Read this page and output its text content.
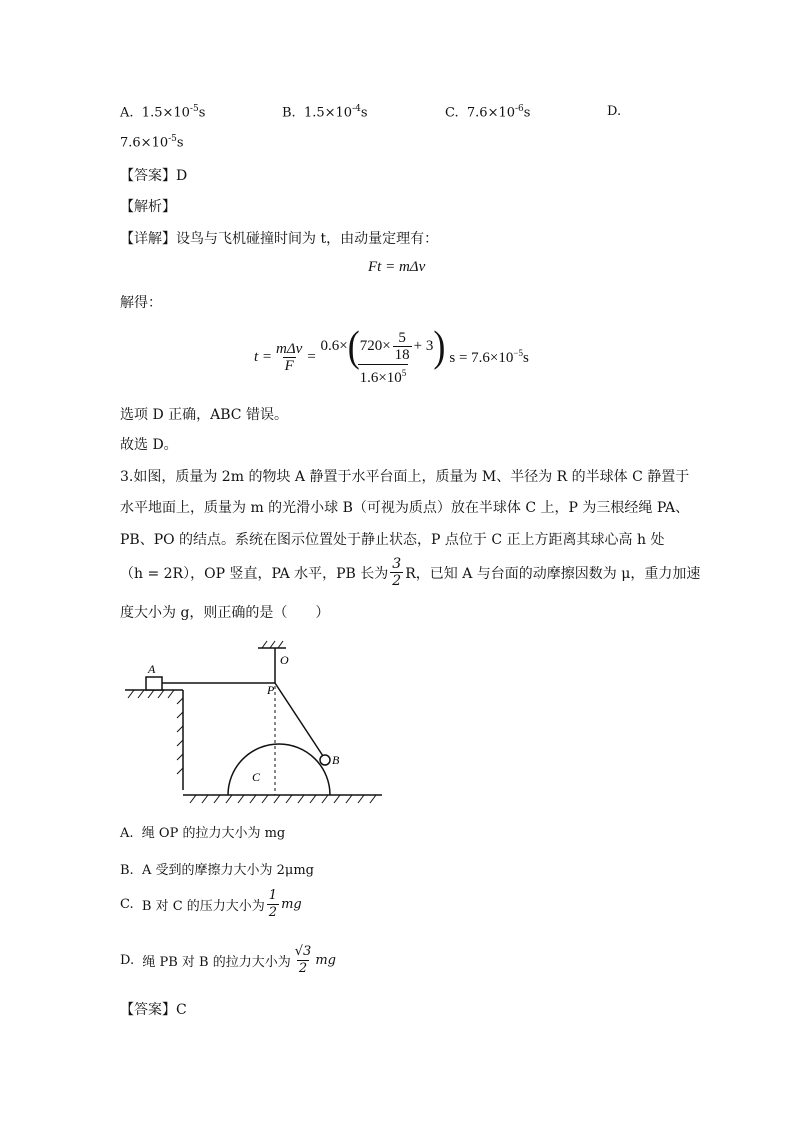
A. $1.5\times 10^{-5}s$	B. $1.5\times 10^{-4}s$	C. $7.6\times 10^{-6}s$	D.
$7.6\times 10^{-5}s$
【答案】D
【解析】
【详解】设鸟与飞机碰撞时间为 t，由动量定理有：
Ft = mΔv
解得：
$t = \frac{\text{mΔv}}{F}$ =
0.6× ( $720\times \frac{5}{18} + 3$ )
$1.6\times 10^5$
$s = 7.6\times 10^{-5}s$
选项 D 正确，ABC 错误。
故选 D。
3.如图，质量为 2m 的物块 A 静置于水平台面上，质量为 M、半径为 R 的半球体 C 静置于
水平地面上，质量为 m 的光滑小球 B（可视为质点）放在半球体 C 上，P 为三根经绳 PA、
PB、PO 的结点。系统在图示位置处于静止状态，P 点位于 C 正上方距离其球心高 h 处
（h = 2R），OP 竖直，PA 水平，PB 长为 $\frac{3}{2}$ R，已知 A 与台面的动摩擦因数为 μ，重力加速
度大小为 g，则正确的是（　　）
A
O
P
C
B
A. 绳 OP 的拉力大小为 mg
B. A 受到的摩擦力大小为 2μmg
C.
B 对 C 的压力大小为 $\frac{1}{2}$ mg
D.
绳 PB 对 B 的拉力大小为 $\frac{√3}{2}$ mg
【答案】C
